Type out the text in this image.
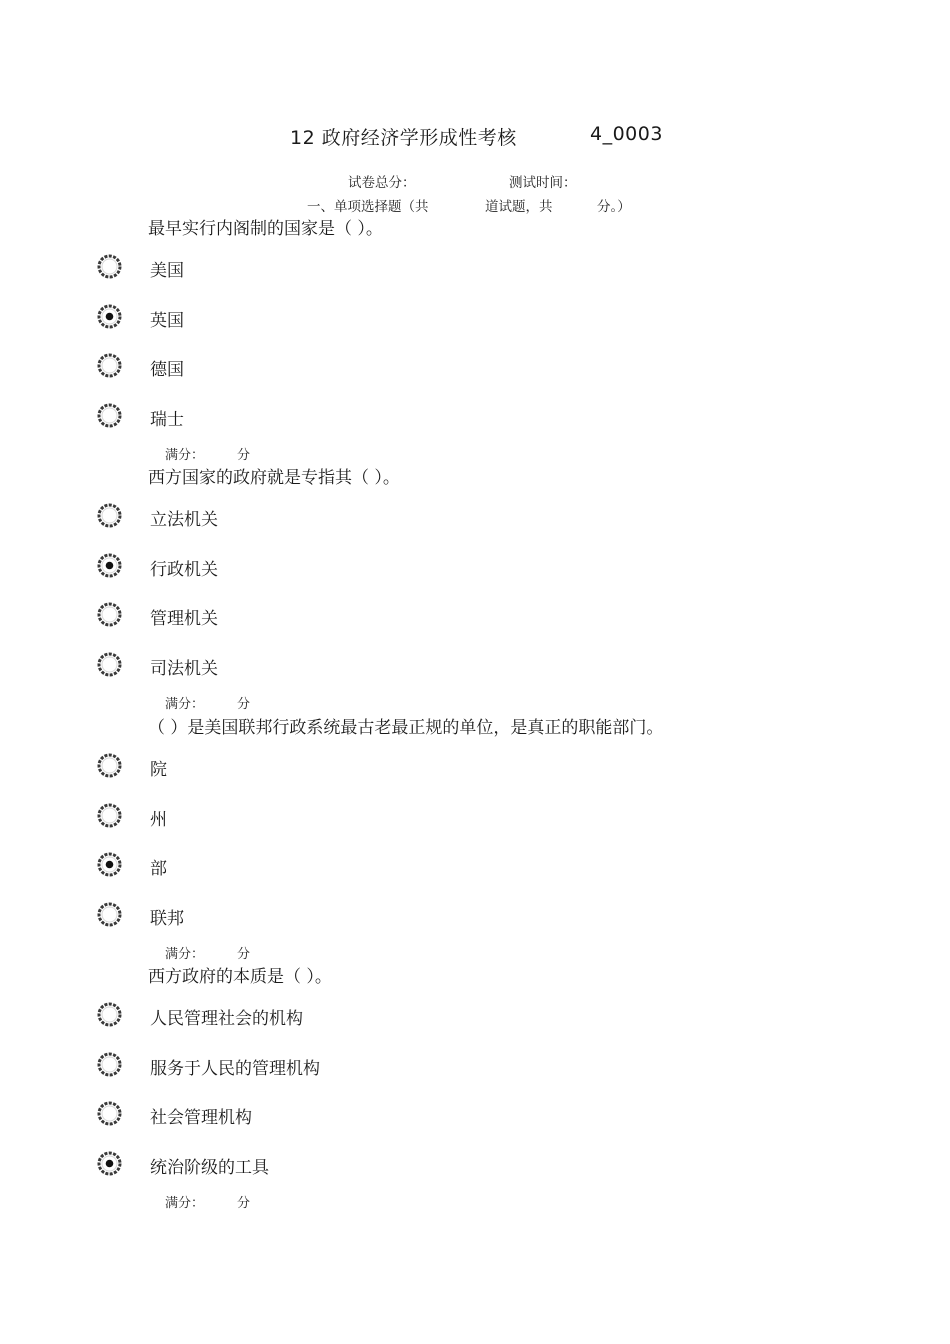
12 政府经济学形成性考核	4_0003
试卷总分：	测试时间：
一、单项选择题（共	道试题，共	分。）
最早实行内阁制的国家是（ ）。
美国
英国
德国
瑞士
满分：	分
西方国家的政府就是专指其（ ）。
立法机关
行政机关
管理机关
司法机关
满分：	分
（ ）是美国联邦行政系统最古老最正规的单位，是真正的职能部门。
院
州
部
联邦
满分：	分
西方政府的本质是（ ）。
人民管理社会的机构
服务于人民的管理机构
社会管理机构
统治阶级的工具
满分：	分
